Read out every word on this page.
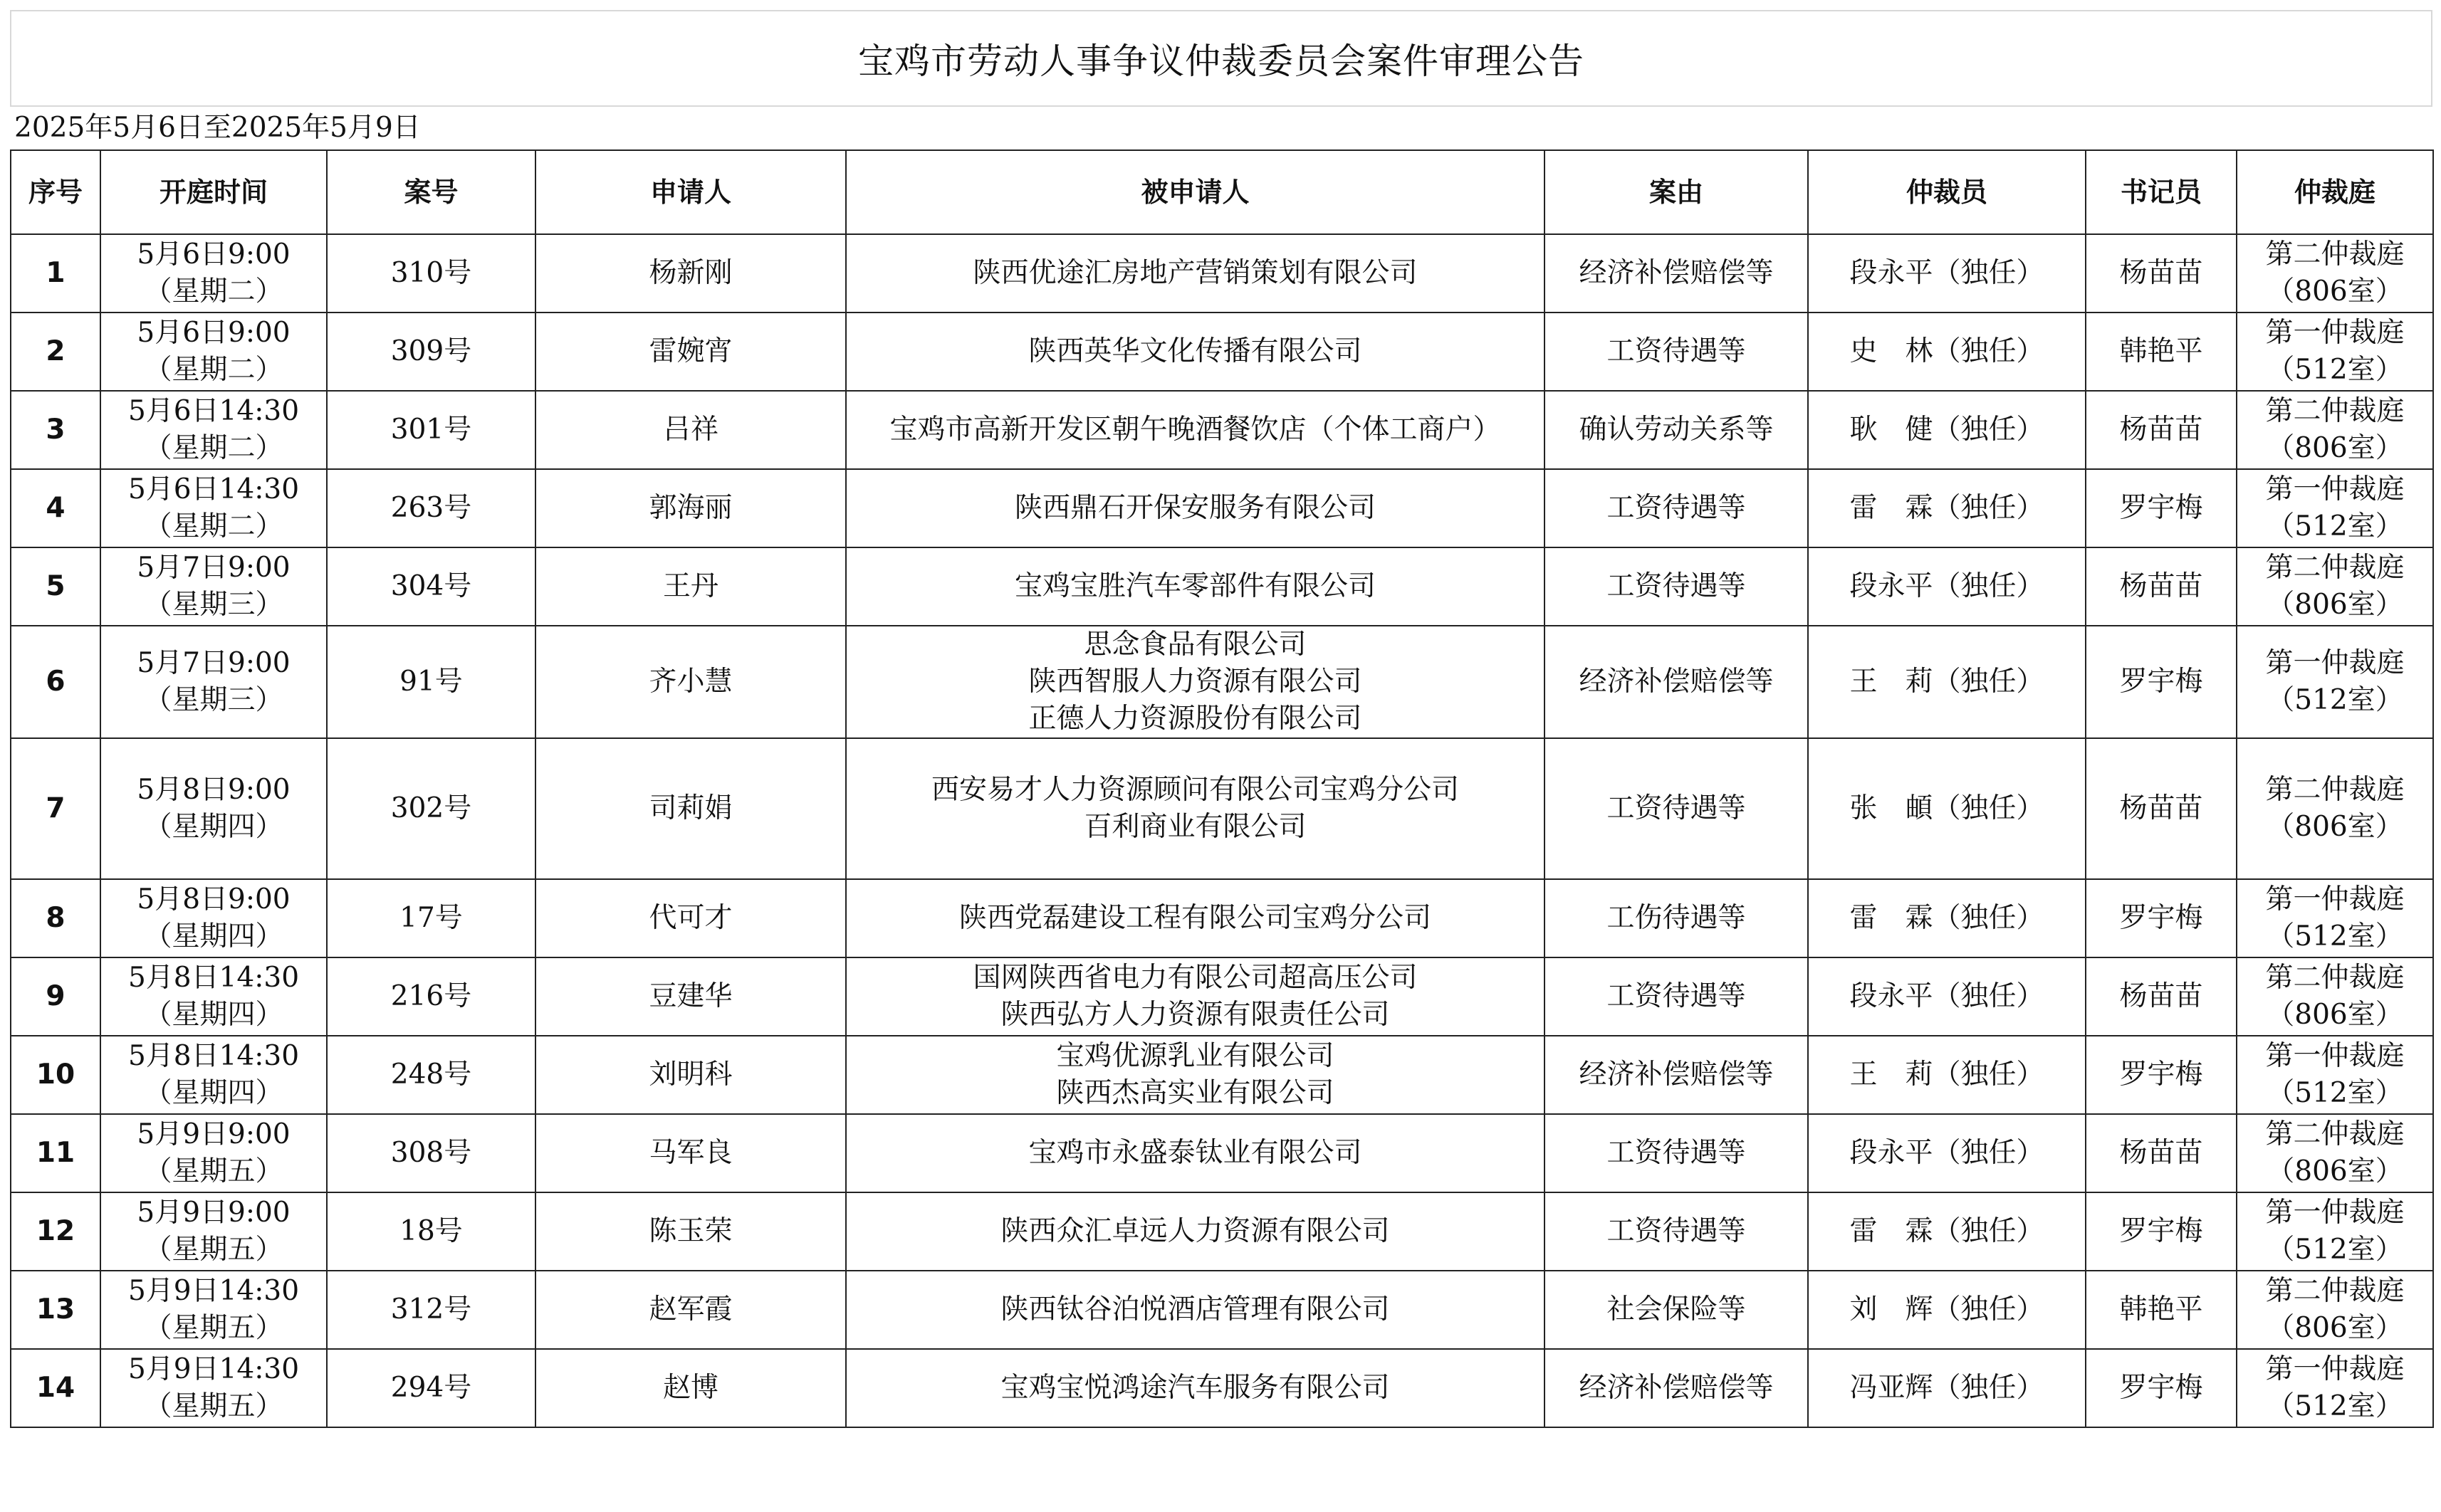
宝鸡市劳动人事争议仲裁委员会案件审理公告
2025年5月6日至2025年5月9日
序号	开庭时间	案号	申请人	被申请人	案由	仲裁员	书记员	仲裁庭
1	5月6日9:00
（星期二）	310号	杨新刚	陕西优途汇房地产营销策划有限公司	经济补偿赔偿等	段永平（独任）	杨苗苗	第二仲裁庭
（806室）

2	5月6日9:00
（星期二）	309号	雷婉宵	陕西英华文化传播有限公司	工资待遇等	史　林（独任）	韩艳平	第一仲裁庭
（512室）

3	5月6日14:30
（星期二）	301号	吕祥	宝鸡市高新开发区朝午晚酒餐饮店（个体工商户）	确认劳动关系等	耿　健（独任）	杨苗苗	第二仲裁庭
（806室）

4	5月6日14:30
（星期二）	263号	郭海丽	陕西鼎石开保安服务有限公司	工资待遇等	雷　霖（独任）	罗宇梅	第一仲裁庭
（512室）

5	5月7日9:00
（星期三）	304号	王丹	宝鸡宝胜汽车零部件有限公司	工资待遇等	段永平（独任）	杨苗苗	第二仲裁庭
（806室）

6	5月7日9:00
（星期三）	91号	齐小慧	思念食品有限公司
陕西智服人力资源有限公司
正德人力资源股份有限公司	经济补偿赔偿等	王　莉（独任）	罗宇梅	第一仲裁庭
（512室）

7	5月8日9:00
（星期四）	302号	司莉娟	西安易才人力资源顾问有限公司宝鸡分公司
百利商业有限公司	工资待遇等	张　頔（独任）	杨苗苗	第二仲裁庭
（806室）

8	5月8日9:00
（星期四）	17号	代可才	陕西党磊建设工程有限公司宝鸡分公司	工伤待遇等	雷　霖（独任）	罗宇梅	第一仲裁庭
（512室）

9	5月8日14:30
（星期四）	216号	豆建华	国网陕西省电力有限公司超高压公司
陕西弘方人力资源有限责任公司	工资待遇等	段永平（独任）	杨苗苗	第二仲裁庭
（806室）

10	5月8日14:30
（星期四）	248号	刘明科	宝鸡优源乳业有限公司
陕西杰高实业有限公司	经济补偿赔偿等	王　莉（独任）	罗宇梅	第一仲裁庭
（512室）

11	5月9日9:00
（星期五）	308号	马军良	宝鸡市永盛泰钛业有限公司	工资待遇等	段永平（独任）	杨苗苗	第二仲裁庭
（806室）

12	5月9日9:00
（星期五）	18号	陈玉荣	陕西众汇卓远人力资源有限公司	工资待遇等	雷　霖（独任）	罗宇梅	第一仲裁庭
（512室）

13	5月9日14:30
（星期五）	312号	赵军霞	陕西钛谷泊悦酒店管理有限公司	社会保险等	刘　辉（独任）	韩艳平	第二仲裁庭
（806室）

14	5月9日14:30
（星期五）	294号	赵博	宝鸡宝悦鸿途汽车服务有限公司	经济补偿赔偿等	冯亚辉（独任）	罗宇梅	第一仲裁庭
（512室）
